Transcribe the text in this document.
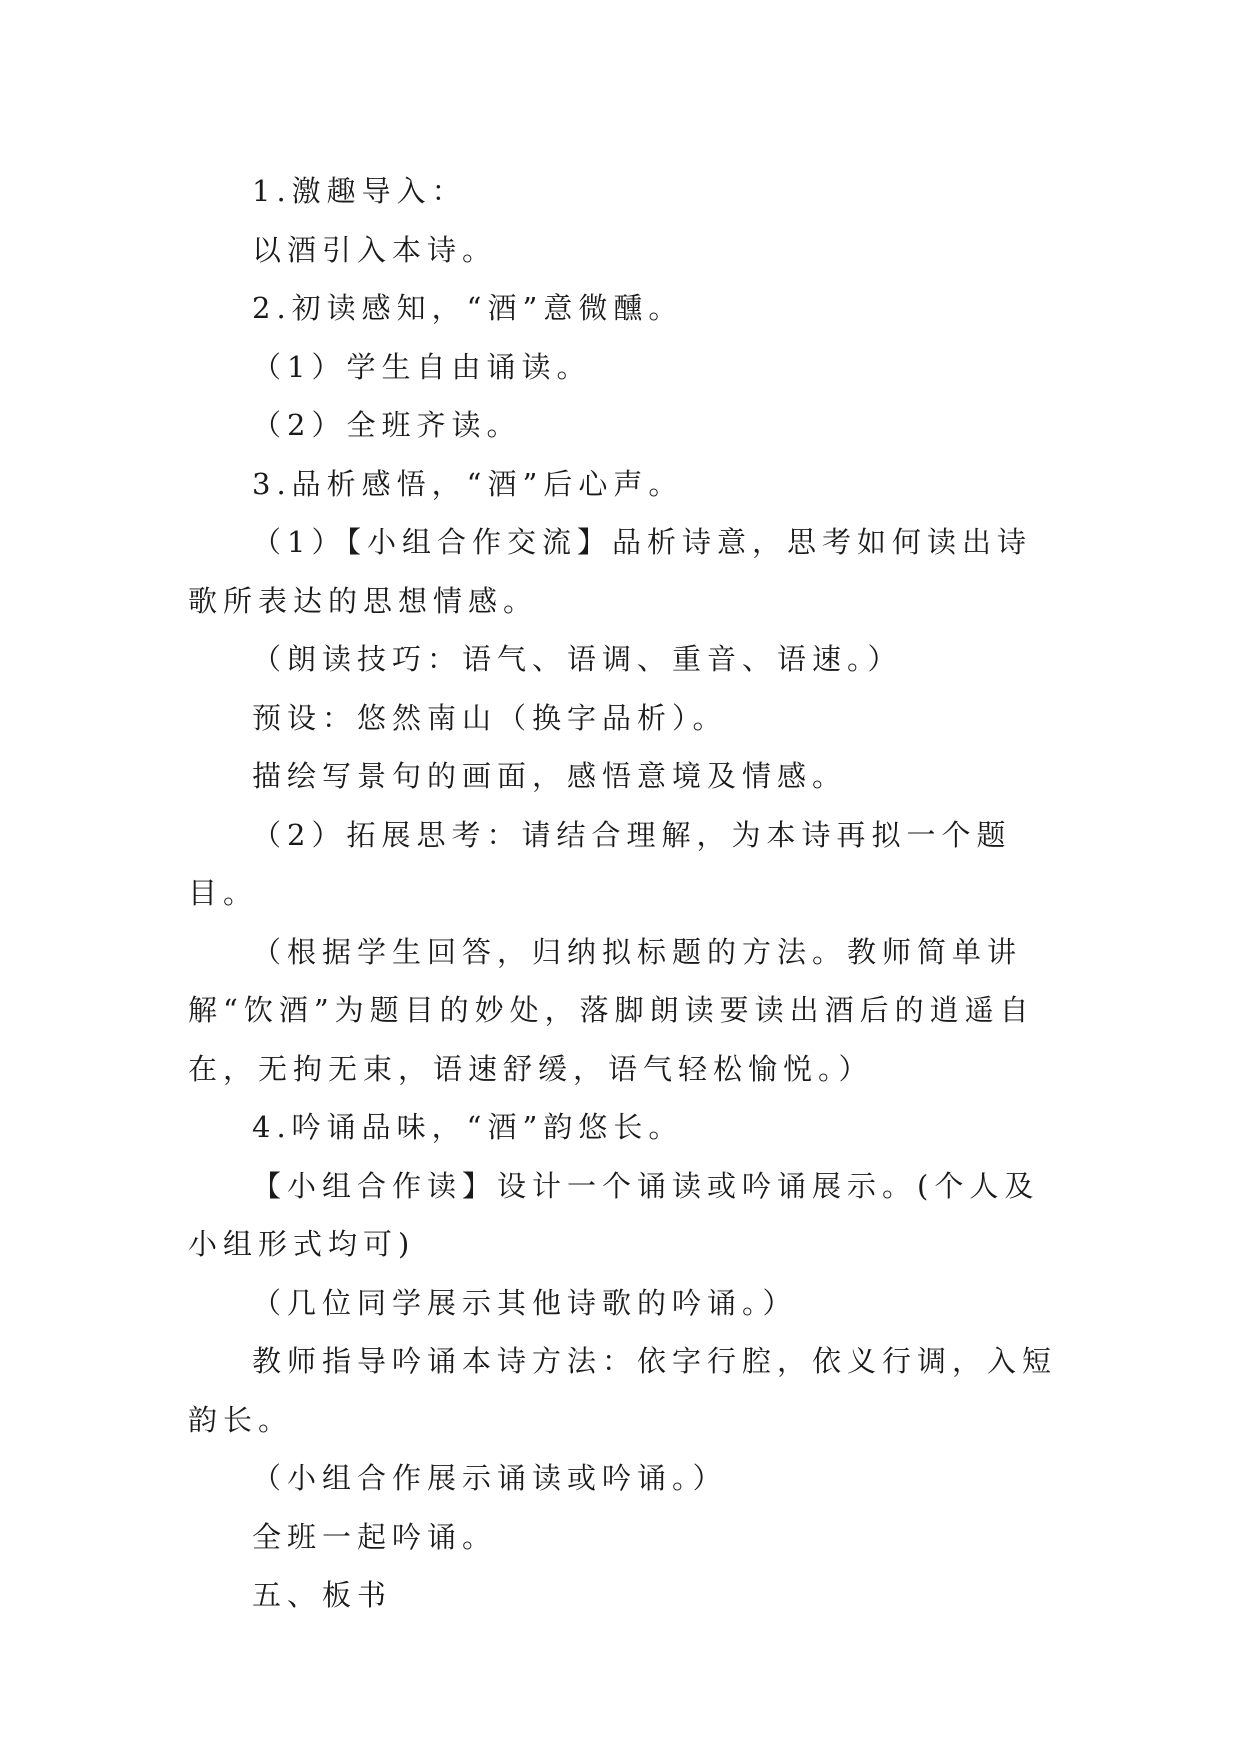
1.激趣导入：

以酒引入本诗。

2.初读感知，“酒”意微醺。

（1）学生自由诵读。

（2）全班齐读。

3.品析感悟，“酒”后心声。

（1）【小组合作交流】品析诗意，思考如何读出诗歌所表达的思想情感。

（朗读技巧：语气、语调、重音、语速。）

预设：悠然南山（换字品析）。

描绘写景句的画面，感悟意境及情感。

（2）拓展思考：请结合理解，为本诗再拟一个题目。

（根据学生回答，归纳拟标题的方法。教师简单讲解“饮酒”为题目的妙处，落脚朗读要读出酒后的逍遥自在，无拘无束，语速舒缓，语气轻松愉悦。）

4.吟诵品味，“酒”韵悠长。

【小组合作读】设计一个诵读或吟诵展示。(个人及小组形式均可)

（几位同学展示其他诗歌的吟诵。）

教师指导吟诵本诗方法：依字行腔，依义行调，入短韵长。

（小组合作展示诵读或吟诵。）

全班一起吟诵。

五、板书
